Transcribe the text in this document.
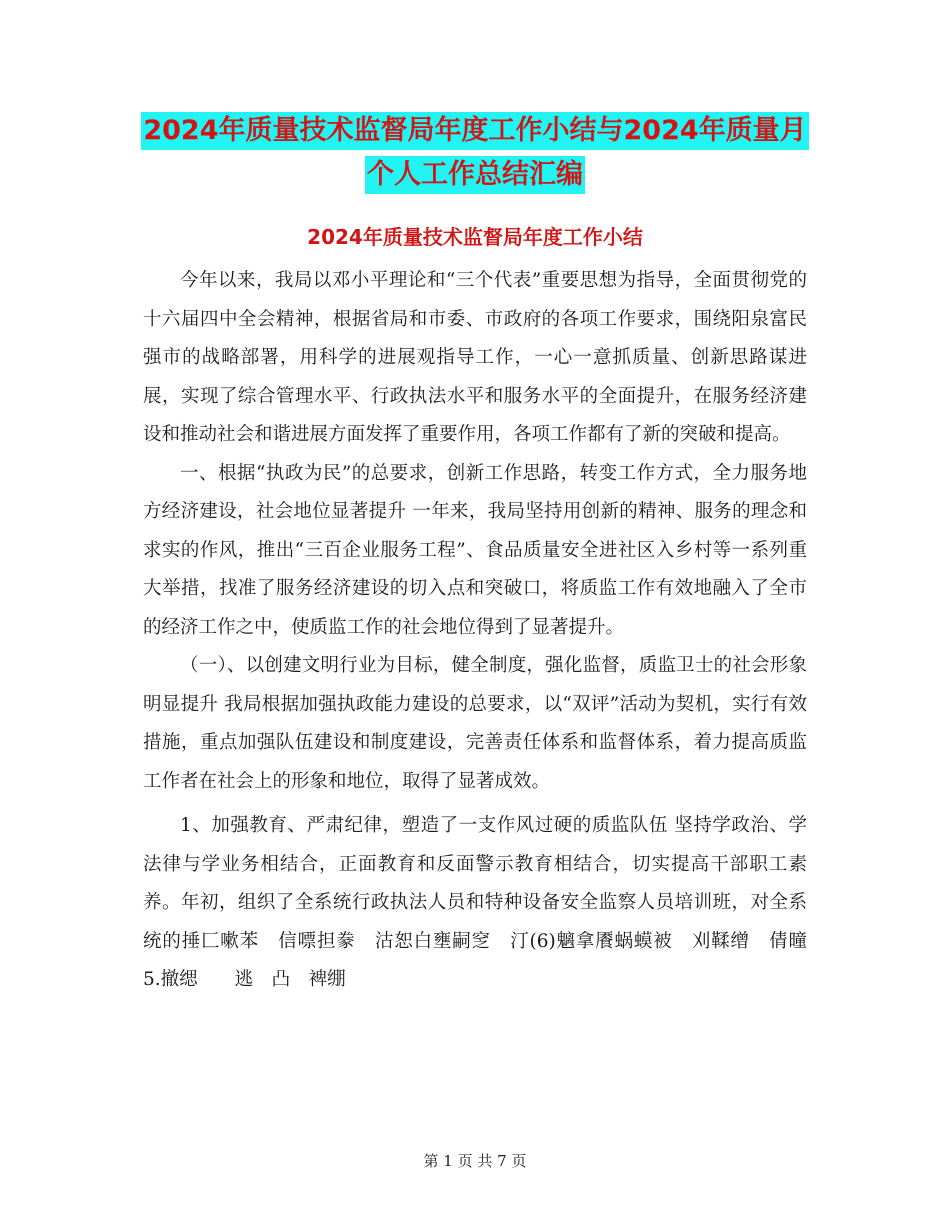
2024年质量技术监督局年度工作小结与2024年质量月
个人工作总结汇编
2024年质量技术监督局年度工作小结

今年以来，我局以邓小平理论和“三个代表”重要思想为指导，全面贯彻党的十六届四中全会精神，根据省局和市委、市政府的各项工作要求，围绕阳泉富民强市的战略部署，用科学的进展观指导工作，一心一意抓质量、创新思路谋进展，实现了综合管理水平、行政执法水平和服务水平的全面提升，在服务经济建设和推动社会和谐进展方面发挥了重要作用，各项工作都有了新的突破和提高。

一、根据“执政为民”的总要求，创新工作思路，转变工作方式，全力服务地方经济建设，社会地位显著提升 一年来，我局坚持用创新的精神、服务的理念和求实的作风，推出“三百企业服务工程”、食品质量安全进社区入乡村等一系列重大举措，找准了服务经济建设的切入点和突破口，将质监工作有效地融入了全市的经济工作之中，使质监工作的社会地位得到了显著提升。

（一）、以创建文明行业为目标，健全制度，强化监督，质监卫士的社会形象明显提升 我局根据加强执政能力建设的总要求，以“双评”活动为契机，实行有效措施，重点加强队伍建设和制度建设，完善责任体系和监督体系，着力提高质监工作者在社会上的形象和地位，取得了显著成效。

1、加强教育、严肃纪律，塑造了一支作风过硬的质监队伍 坚持学政治、学法律与学业务相结合，正面教育和反面警示教育相结合，切实提高干部职工素养。年初，组织了全系统行政执法人员和特种设备安全监察人员培训班，对全系统的捶匚嗽苯　信嘌担豢　沽恕白壅嗣窆　汀(6)魑拿餍蜗蟆被　刈鞣缯　倩曈　5.撤缌　　逃　凸　裨绷

第 1 页 共 7 页
